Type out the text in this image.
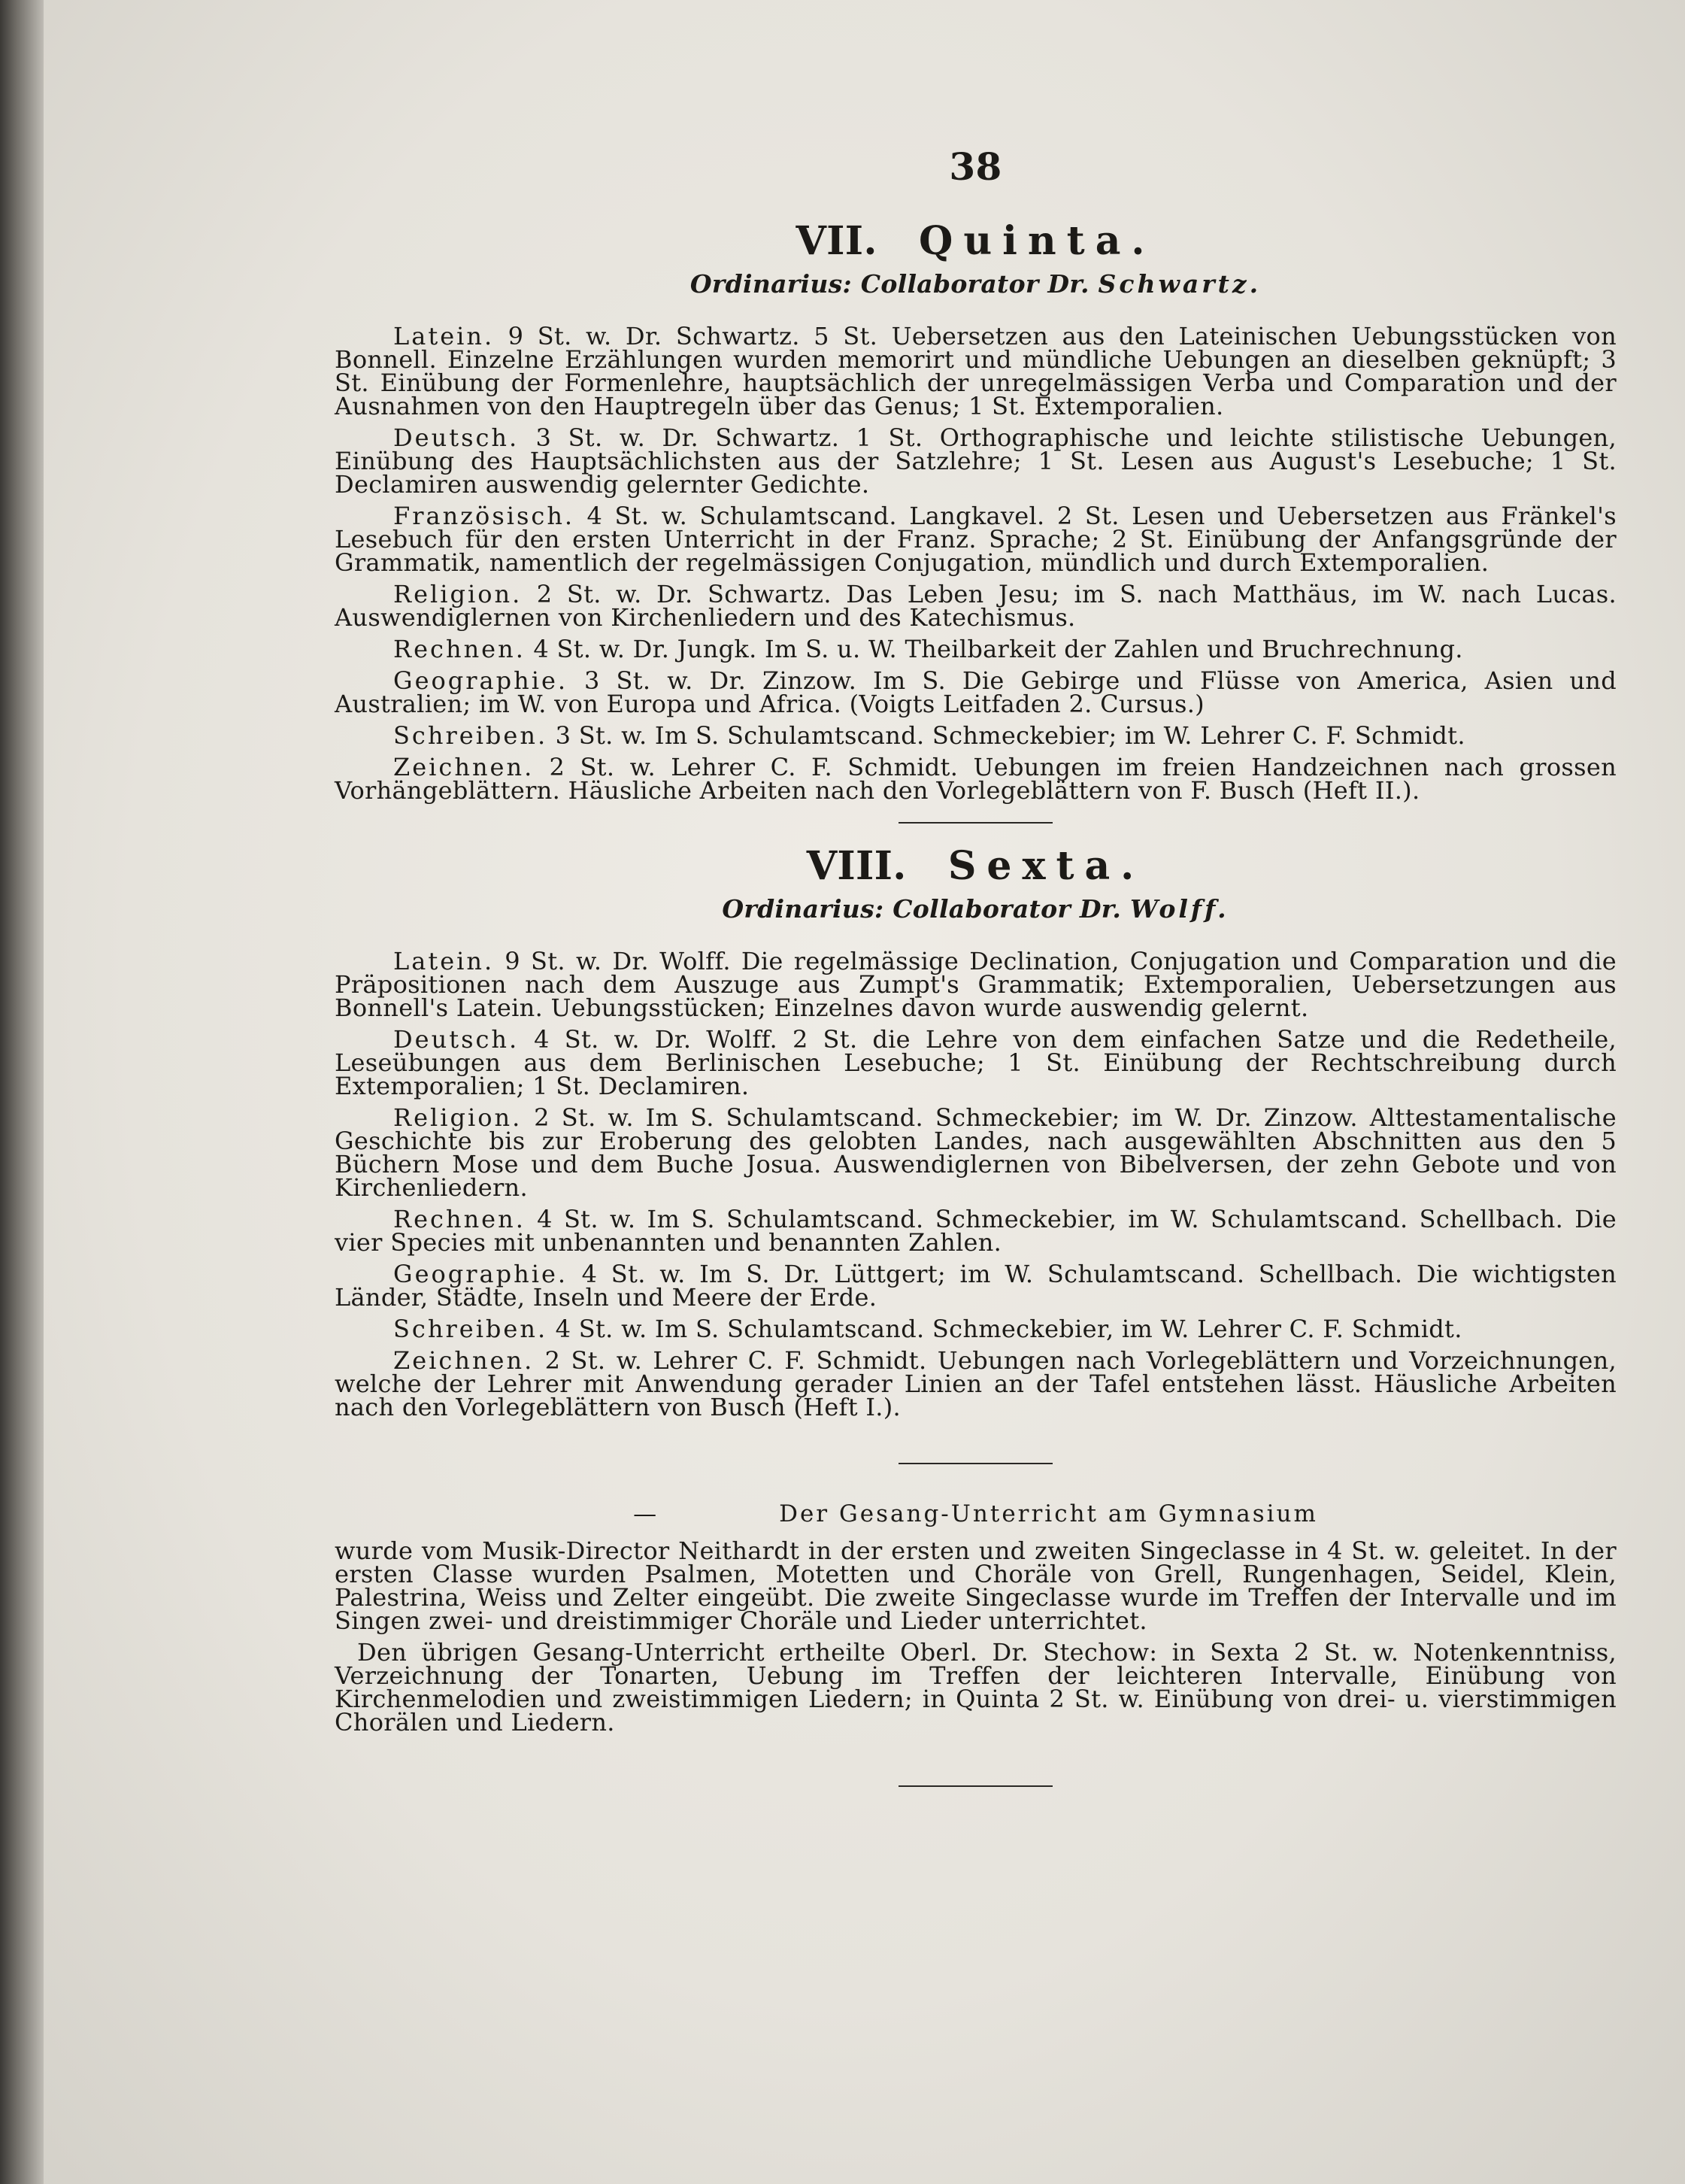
38
VII. Quinta.
Ordinarius: Collaborator Dr. Schwartz.

Latein. 9 St. w. Dr. Schwartz. 5 St. Uebersetzen aus den Lateinischen Uebungsstücken von Bonnell. Einzelne Erzählungen wurden memorirt und mündliche Uebungen an dieselben geknüpft; 3 St. Einübung der Formenlehre, hauptsächlich der unregelmässigen Verba und Comparation und der Ausnahmen von den Hauptregeln über das Genus; 1 St. Extemporalien.

Deutsch. 3 St. w. Dr. Schwartz. 1 St. Orthographische und leichte stilistische Uebungen, Einübung des Hauptsächlichsten aus der Satzlehre; 1 St. Lesen aus August's Lesebuche; 1 St. Declamiren auswendig gelernter Gedichte.

Französisch. 4 St. w. Schulamtscand. Langkavel. 2 St. Lesen und Uebersetzen aus Fränkel's Lesebuch für den ersten Unterricht in der Franz. Sprache; 2 St. Einübung der Anfangsgründe der Grammatik, namentlich der regelmässigen Conjugation, mündlich und durch Extemporalien.

Religion. 2 St. w. Dr. Schwartz. Das Leben Jesu; im S. nach Matthäus, im W. nach Lucas. Auswendiglernen von Kirchenliedern und des Katechismus.

Rechnen. 4 St. w. Dr. Jungk. Im S. u. W. Theilbarkeit der Zahlen und Bruchrechnung.

Geographie. 3 St. w. Dr. Zinzow. Im S. Die Gebirge und Flüsse von America, Asien und Australien; im W. von Europa und Africa. (Voigts Leitfaden 2. Cursus.)

Schreiben. 3 St. w. Im S. Schulamtscand. Schmeckebier; im W. Lehrer C. F. Schmidt.

Zeichnen. 2 St. w. Lehrer C. F. Schmidt. Uebungen im freien Handzeichnen nach grossen Vorhängeblättern. Häusliche Arbeiten nach den Vorlegeblättern von F. Busch (Heft II.).

VIII. Sexta.
Ordinarius: Collaborator Dr. Wolff.

Latein. 9 St. w. Dr. Wolff. Die regelmässige Declination, Conjugation und Comparation und die Präpositionen nach dem Auszuge aus Zumpt's Grammatik; Extemporalien, Uebersetzungen aus Bonnell's Latein. Uebungsstücken; Einzelnes davon wurde auswendig gelernt.

Deutsch. 4 St. w. Dr. Wolff. 2 St. die Lehre von dem einfachen Satze und die Redetheile, Leseübungen aus dem Berlinischen Lesebuche; 1 St. Einübung der Rechtschreibung durch Extemporalien; 1 St. Declamiren.

Religion. 2 St. w. Im S. Schulamtscand. Schmeckebier; im W. Dr. Zinzow. Alttestamentalische Geschichte bis zur Eroberung des gelobten Landes, nach ausgewählten Abschnitten aus den 5 Büchern Mose und dem Buche Josua. Auswendiglernen von Bibelversen, der zehn Gebote und von Kirchenliedern.

Rechnen. 4 St. w. Im S. Schulamtscand. Schmeckebier, im W. Schulamtscand. Schellbach. Die vier Species mit unbenannten und benannten Zahlen.

Geographie. 4 St. w. Im S. Dr. Lüttgert; im W. Schulamtscand. Schellbach. Die wichtigsten Länder, Städte, Inseln und Meere der Erde.

Schreiben. 4 St. w. Im S. Schulamtscand. Schmeckebier, im W. Lehrer C. F. Schmidt.

Zeichnen. 2 St. w. Lehrer C. F. Schmidt. Uebungen nach Vorlegeblättern und Vorzeichnungen, welche der Lehrer mit Anwendung gerader Linien an der Tafel entstehen lässt. Häusliche Arbeiten nach den Vorlegeblättern von Busch (Heft I.).

—	Der Gesang-Unterricht am Gymnasium

wurde vom Musik-Director Neithardt in der ersten und zweiten Singeclasse in 4 St. w. geleitet. In der ersten Classe wurden Psalmen, Motetten und Choräle von Grell, Rungenhagen, Seidel, Klein, Palestrina, Weiss und Zelter eingeübt. Die zweite Singeclasse wurde im Treffen der Intervalle und im Singen zwei- und dreistimmiger Choräle und Lieder unterrichtet.

Den übrigen Gesang-Unterricht ertheilte Oberl. Dr. Stechow: in Sexta 2 St. w. Notenkenntniss, Verzeichnung der Tonarten, Uebung im Treffen der leichteren Intervalle, Einübung von Kirchenmelodien und zweistimmigen Liedern; in Quinta 2 St. w. Einübung von drei- u. vierstimmigen Chorälen und Liedern.
